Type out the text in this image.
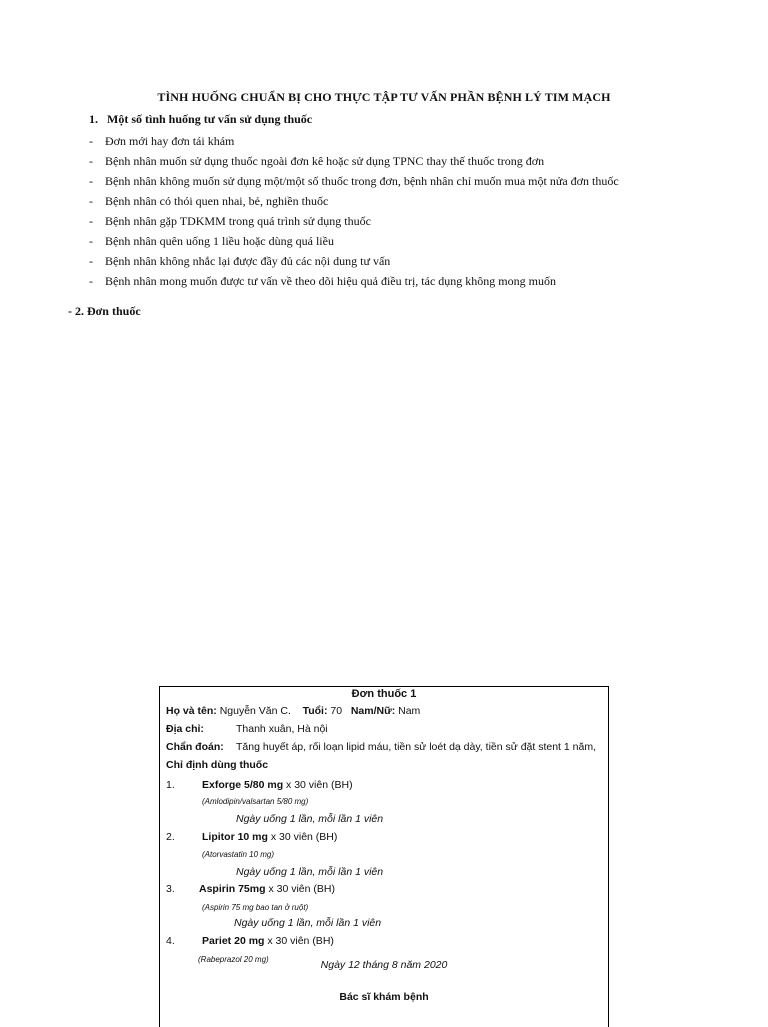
TÌNH HUỐNG CHUẨN BỊ CHO THỰC TẬP TƯ VẤN PHẦN BỆNH LÝ TIM MẠCH
1. Một số tình huống tư vấn sử dụng thuốc
- Đơn mới hay đơn tái khám
- Bệnh nhân muốn sử dụng thuốc ngoài đơn kê hoặc sử dụng TPNC thay thế thuốc trong đơn
- Bệnh nhân không muốn sử dụng một/một số thuốc trong đơn, bệnh nhân chỉ muốn mua một nửa đơn thuốc
- Bệnh nhân có thói quen nhai, bẻ, nghiền thuốc
- Bệnh nhân gặp TDKMM trong quá trình sử dụng thuốc
- Bệnh nhân quên uống 1 liều hoặc dùng quá liều
- Bệnh nhân không nhắc lại được đầy đủ các nội dung tư vấn
- Bệnh nhân mong muốn được tư vấn về theo dõi hiệu quả điều trị, tác dụng không mong muốn
- 2. Đơn thuốc
Đơn thuốc 1
Họ và tên: Nguyễn Văn C. Tuổi: 70 Nam/Nữ: Nam
Địa chỉ:	Thanh xuân, Hà nội
Chẩn đoán: Tăng huyết áp, rối loạn lipid máu, tiền sử loét dạ dày, tiền sử đặt stent 1 năm,
Chỉ định dùng thuốc
1.	Exforge 5/80 mg x 30 viên (BH)
(Amlodipin/valsartan 5/80 mg)
Ngày uống 1 lần, mỗi lần 1 viên
2.	Lipitor 10 mg x 30 viên (BH)
(Atorvastatin 10 mg)
Ngày uống 1 lần, mỗi lần 1 viên
3. Aspirin 75mg x 30 viên (BH)
(Aspirin 75 mg bao tan ở ruột)
Ngày uống 1 lần, mỗi lần 1 viên
4.	Pariet 20 mg x 30 viên (BH)
(Rabeprazol 20 mg)	Ngày 12 tháng 8 năm 2020
Bác sĩ khám bệnh
